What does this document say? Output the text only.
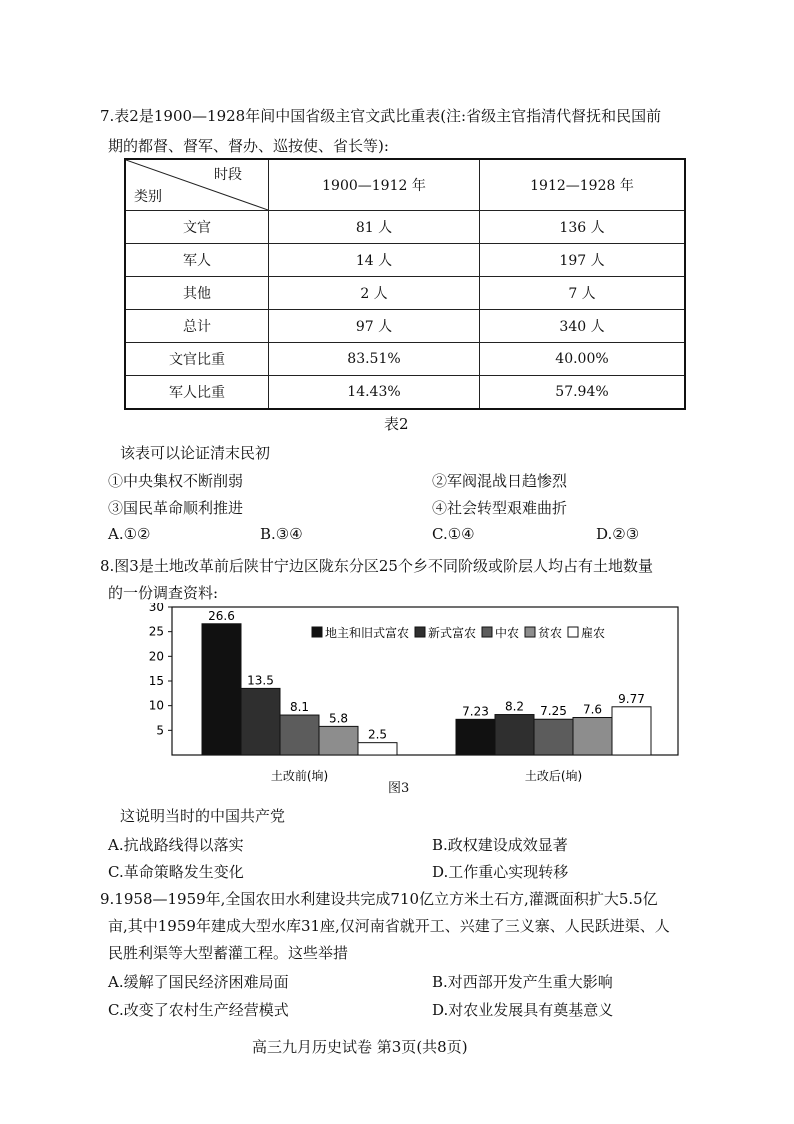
7.表2是1900—1928年间中国省级主官文武比重表(注:省级主官指清代督抚和民国前
期的都督、督军、督办、巡按使、省长等):
时段
类别	1900—1912 年	1912—1928 年
文官	81 人	136 人
军人	14 人	197 人
其他	2 人	7 人
总计	97 人	340 人
文官比重	83.51%	40.00%
军人比重	14.43%	57.94%
表2
该表可以论证清末民初
①中央集权不断削弱	②军阀混战日趋惨烈
③国民革命顺利推进	④社会转型艰难曲折
A.①②	B.③④	C.①④	D.②③
8.图3是土地改革前后陕甘宁边区陇东分区25个乡不同阶级或阶层人均占有土地数量
的一份调查资料:
5
10
15
20
25
30
26.6
13.5
8.1
5.8
2.5
土改前(垧)
7.23 8.2 7.25 7.6
9.77
土改后(垧)
地主和旧式富农 新式富农 中农 贫农 雇农
图3
这说明当时的中国共产党
A.抗战路线得以落实	B.政权建设成效显著
C.革命策略发生变化	D.工作重心实现转移
9.1958—1959年,全国农田水利建设共完成710亿立方米土石方,灌溉面积扩大5.5亿
亩,其中1959年建成大型水库31座,仅河南省就开工、兴建了三义寨、人民跃进渠、人
民胜利渠等大型蓄灌工程。这些举措
A.缓解了国民经济困难局面	B.对西部开发产生重大影响
C.改变了农村生产经营模式	D.对农业发展具有奠基意义
高三九月历史试卷 第3页(共8页)
